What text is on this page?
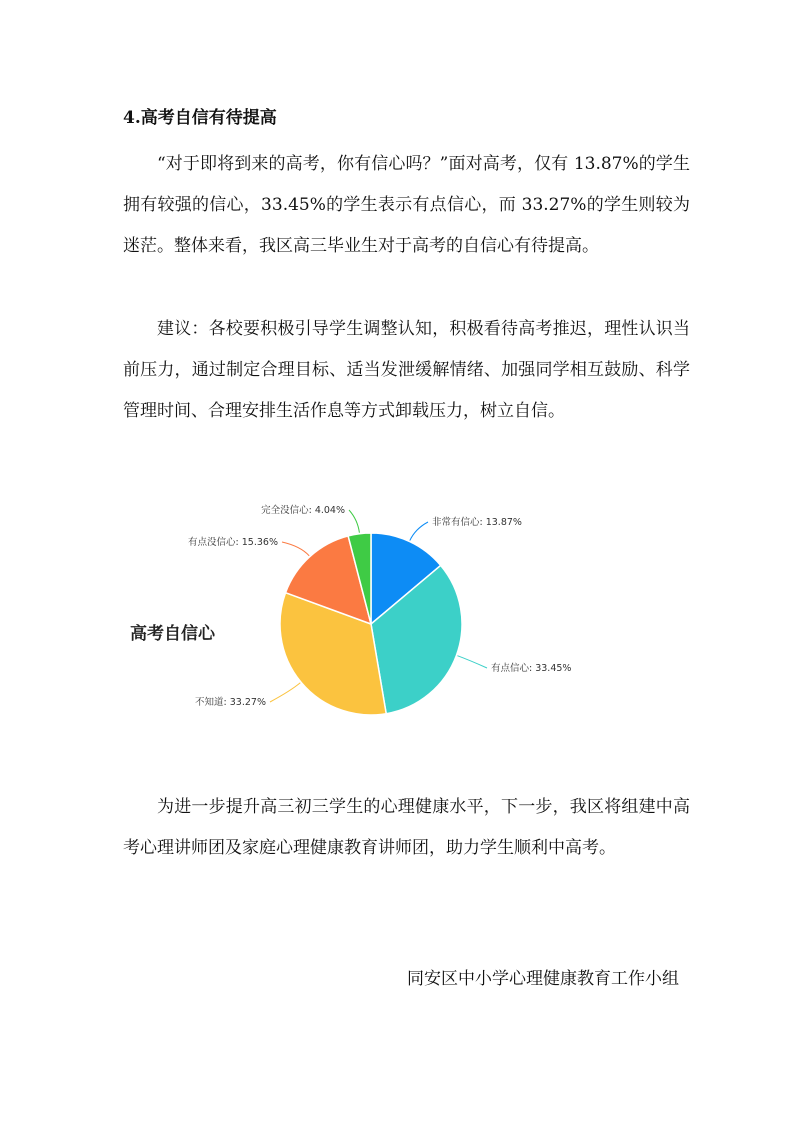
4.高考自信有待提高

“对于即将到来的高考，你有信心吗？”面对高考，仅有 13.87%的学生拥有较强的信心，33.45%的学生表示有点信心，而 33.27%的学生则较为迷茫。整体来看，我区高三毕业生对于高考的自信心有待提高。

建议：各校要积极引导学生调整认知，积极看待高考推迟，理性认识当前压力，通过制定合理目标、适当发泄缓解情绪、加强同学相互鼓励、科学管理时间、合理安排生活作息等方式卸载压力，树立自信。

高考自信心
非常有信心: 13.87%
有点信心: 33.45%
不知道: 33.27%
有点没信心: 15.36%
完全没信心: 4.04%

为进一步提升高三初三学生的心理健康水平，下一步，我区将组建中高考心理讲师团及家庭心理健康教育讲师团，助力学生顺利中高考。

同安区中小学心理健康教育工作小组
